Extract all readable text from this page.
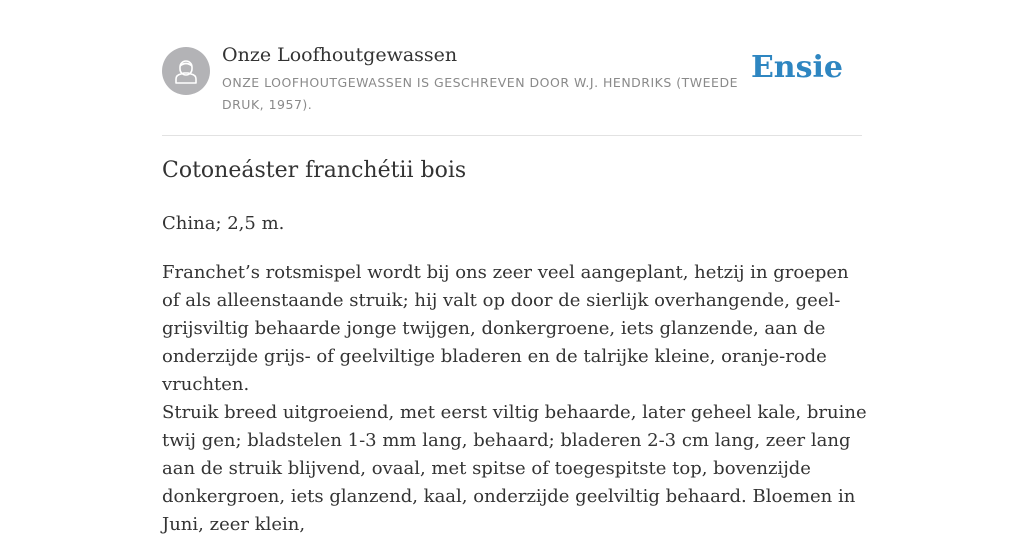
Onze Loofhoutgewassen
ONZE LOOFHOUTGEWASSEN IS GESCHREVEN DOOR W.J. HENDRIKS (TWEEDE DRUK, 1957).
Ensie
Cotoneáster franchétii bois
China; 2,5 m.
Franchet’s rotsmispel wordt bij ons zeer veel aangeplant, hetzij in groepen of als alleenstaande struik; hij valt op door de sierlijk overhangende, geel-grijsviltig behaarde jonge twijgen, donkergroene, iets glanzende, aan de onderzijde grijs- of geelviltige bladeren en de talrijke kleine, oranje-rode vruchten.
Struik breed uitgroeiend, met eerst viltig behaarde, later geheel kale, bruine twij gen; bladstelen 1-3 mm lang, behaard; bladeren 2-3 cm lang, zeer lang aan de struik blijvend, ovaal, met spitse of toegespitste top, bovenzijde donkergroen, iets glanzend, kaal, onderzijde geelviltig behaard. Bloemen in Juni, zeer klein,
